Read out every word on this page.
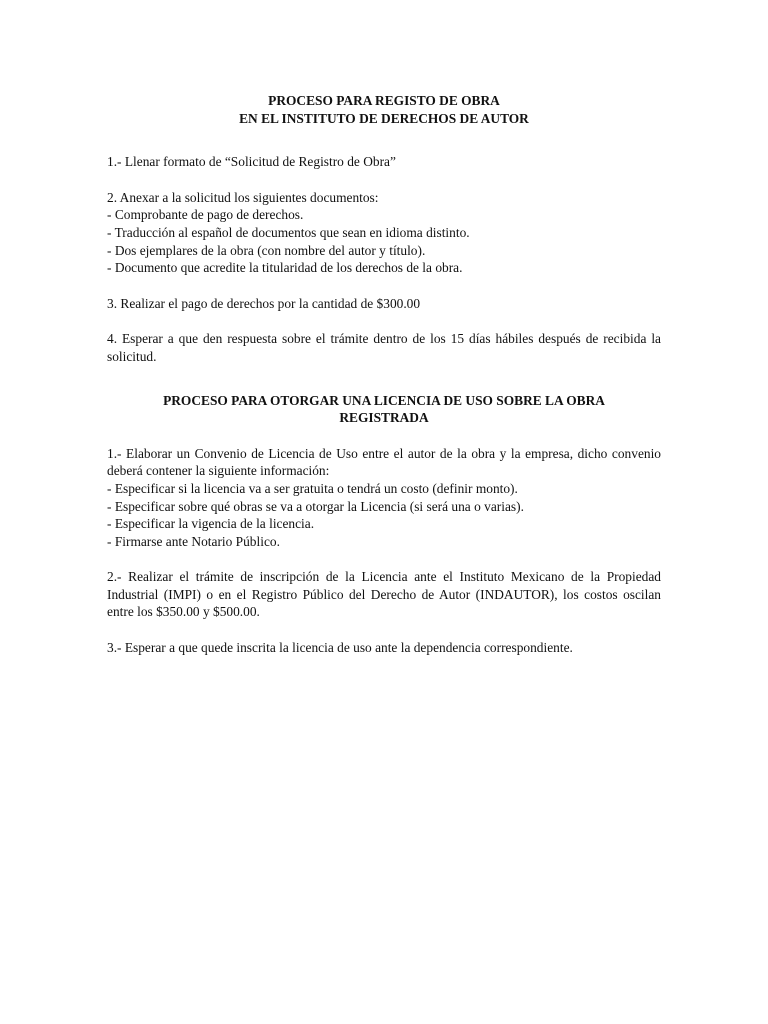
PROCESO PARA REGISTO DE OBRA
EN EL INSTITUTO DE DERECHOS DE AUTOR

1.- Llenar formato de “Solicitud de Registro de Obra”

2. Anexar a la solicitud los siguientes documentos:

- Comprobante de pago de derechos.
- Traducción al español de documentos que sean en idioma distinto.
- Dos ejemplares de la obra (con nombre del autor y título).
- Documento que acredite la titularidad de los derechos de la obra.

3. Realizar el pago de derechos por la cantidad de $300.00

4. Esperar a que den respuesta sobre el trámite dentro de los 15 días hábiles después de recibida la solicitud.

PROCESO PARA OTORGAR UNA LICENCIA DE USO SOBRE LA OBRA
REGISTRADA

1.- Elaborar un Convenio de Licencia de Uso entre el autor de la obra y la empresa, dicho convenio deberá contener la siguiente información:

- Especificar si la licencia va a ser gratuita o tendrá un costo (definir monto).
- Especificar sobre qué obras se va a otorgar la Licencia (si será una o varias).
- Especificar la vigencia de la licencia.
- Firmarse ante Notario Público.

2.- Realizar el trámite de inscripción de la Licencia ante el Instituto Mexicano de la Propiedad Industrial (IMPI) o en el Registro Público del Derecho de Autor (INDAUTOR), los costos oscilan entre los $350.00 y $500.00.

3.- Esperar a que quede inscrita la licencia de uso ante la dependencia correspondiente.
